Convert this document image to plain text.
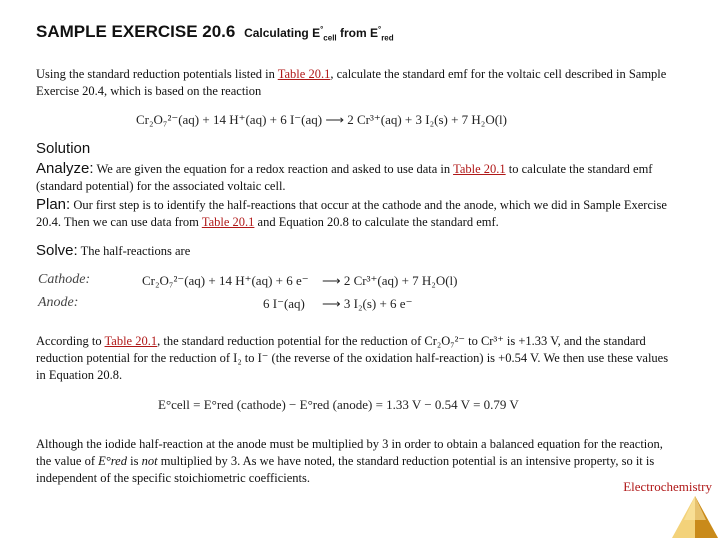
SAMPLE EXERCISE 20.6 Calculating $E^\circ_{cell}$ from $E^\circ_{red}$
Using the standard reduction potentials listed in Table 20.1, calculate the standard emf for the voltaic cell described in Sample Exercise 20.4, which is based on the reaction
Cr₂O₇²⁻(aq) + 14 H⁺(aq) + 6 I⁻(aq) ⟶ 2 Cr³⁺(aq) + 3 I₂(s) + 7 H₂O(l)
Solution
Analyze: We are given the equation for a redox reaction and asked to use data in Table 20.1 to calculate the standard emf (standard potential) for the associated voltaic cell.
Plan: Our first step is to identify the half-reactions that occur at the cathode and the anode, which we did in Sample Exercise 20.4. Then we can use data from Table 20.1 and Equation 20.8 to calculate the standard emf.
Solve: The half-reactions are
Cathode:	Cr₂O₇²⁻(aq) + 14 H⁺(aq) + 6 e⁻ ⟶ 2 Cr³⁺(aq) + 7 H₂O(l)
Anode:	6 I⁻(aq) ⟶ 3 I₂(s) + 6 e⁻
According to Table 20.1, the standard reduction potential for the reduction of Cr₂O₇²⁻ to Cr³⁺ is +1.33 V, and the standard reduction potential for the reduction of I₂ to I⁻ (the reverse of the oxidation half-reaction) is +0.54 V. We then use these values in Equation 20.8.
E°cell = E°red (cathode) − E°red (anode) = 1.33 V − 0.54 V = 0.79 V
Although the iodide half-reaction at the anode must be multiplied by 3 in order to obtain a balanced equation for the reaction, the value of E°red is not multiplied by 3. As we have noted, the standard reduction potential is an intensive property, so it is independent of the specific stoichiometric coefficients.
Electrochemistry
